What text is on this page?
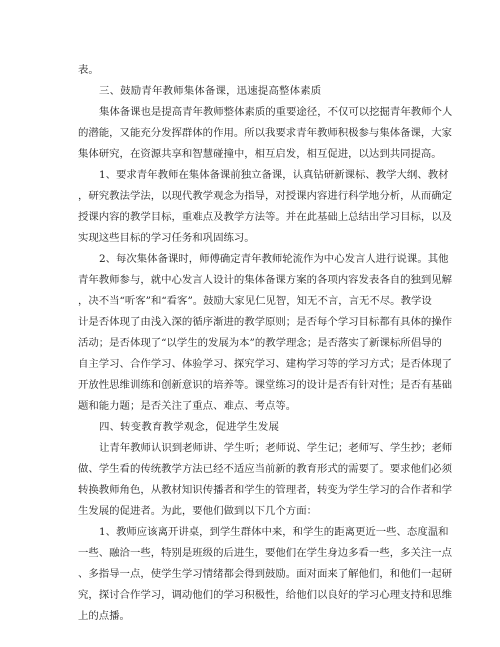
表。
三、鼓励青年教师集体备课，迅速提高整体素质
集体备课也是提高青年教师整体素质的重要途径，不仅可以挖掘青年教师个人
的潜能，又能充分发挥群体的作用。所以我要求青年教师积极参与集体备课，大家
集体研究，在资源共享和智慧碰撞中，相互启发，相互促进，以达到共同提高。
1、要求青年教师在集体备课前独立备课，认真钻研新课标、教学大纲、教材
，研究教法学法，以现代教学观念为指导，对授课内容进行科学地分析，从而确定
授课内容的教学目标，重难点及教学方法等。并在此基础上总结出学习目标，以及
实现这些目标的学习任务和巩固练习。
2、每次集体备课时，师傅确定青年教师轮流作为中心发言人进行说课。其他
青年教师参与，就中心发言人设计的集体备课方案的各项内容发表各自的独到见解
，决不当“听客”和“看客”。鼓励大家见仁见智，知无不言，言无不尽。教学设
计是否体现了由浅入深的循序渐进的教学原则；是否每个学习目标都有具体的操作
活动；是否体现了“以学生的发展为本”的教学理念；是否落实了新课标所倡导的
自主学习、合作学习、体验学习、探究学习、建构学习等的学习方式；是否体现了
开放性思维训练和创新意识的培养等。课堂练习的设计是否有针对性；是否有基础
题和能力题；是否关注了重点、难点、考点等。
四、转变教育教学观念，促进学生发展
让青年教师认识到老师讲、学生听；老师说、学生记；老师写、学生抄；老师
做、学生看的传统教学方法已经不适应当前新的教育形式的需要了。要求他们必须
转换教师角色，从教材知识传播者和学生的管理者，转变为学生学习的合作者和学
生发展的促进者。为此，要他们做到以下几个方面：
1、教师应该离开讲桌，到学生群体中来，和学生的距离更近一些、态度温和
一些、融洽一些，特别是班级的后进生，要他们在学生身边多看一些，多关注一点
、多指导一点，使学生学习情绪都会得到鼓励。面对面来了解他们，和他们一起研
究，探讨合作学习，调动他们的学习积极性，给他们以良好的学习心理支持和思维
上的点播。
